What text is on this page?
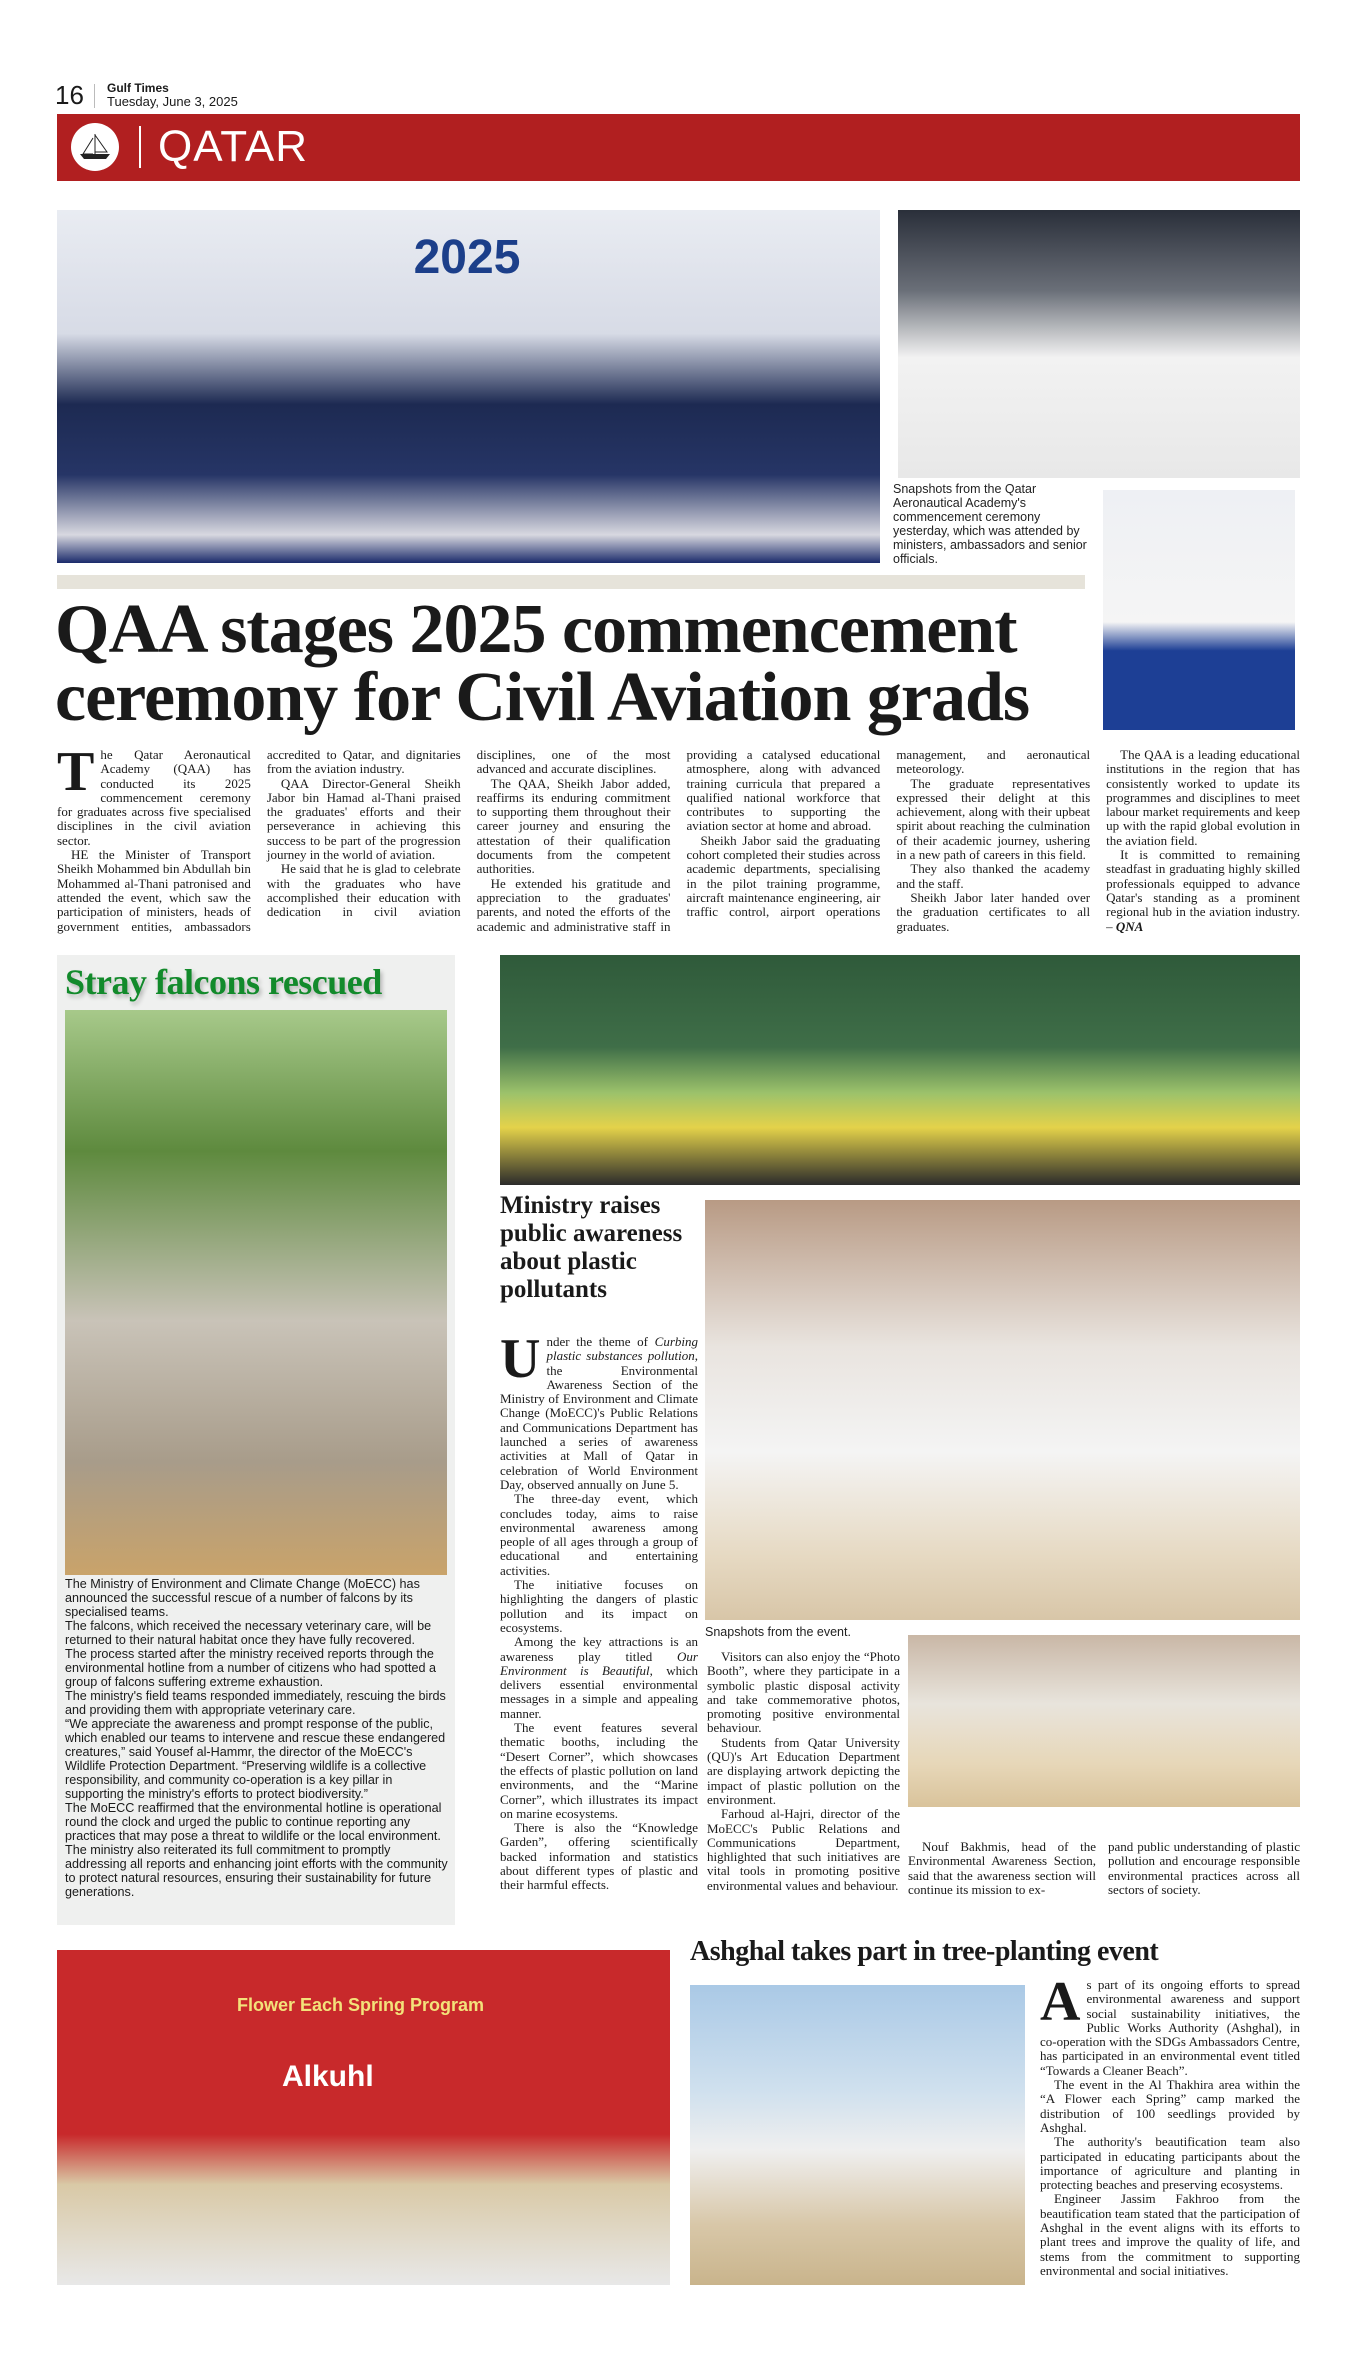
16 Gulf Times
Tuesday, June 3, 2025
QATAR
2025
Snapshots from the Qatar Aeronautical Academy's commencement ceremony yesterday, which was attended by ministers, ambassadors and senior officials.
QAA stages 2025 commencement ceremony for Civil Aviation grads

The Qatar Aeronautical Academy (QAA) has conducted its 2025 commencement ceremony for graduates across five specialised disciplines in the civil aviation sector.

HE the Minister of Transport Sheikh Mohammed bin Abdullah bin Mohammed al-Thani patronised and attended the event, which saw the participation of ministers, heads of government entities, ambassadors accredited to Qatar, and dignitaries from the aviation industry.

QAA Director-General Sheikh Jabor bin Hamad al-Thani praised the graduates' efforts and their perseverance in achieving this success to be part of the progression journey in the world of aviation.

He said that he is glad to celebrate with the graduates who have accomplished their education with dedication in civil aviation disciplines, one of the most advanced and accurate disciplines.

The QAA, Sheikh Jabor added, reaffirms its enduring commitment to supporting them throughout their career journey and ensuring the attestation of their qualification documents from the competent authorities.

He extended his gratitude and appreciation to the graduates' parents, and noted the efforts of the academic and administrative staff in providing a catalysed educational atmosphere, along with advanced training curricula that prepared a qualified national workforce that contributes to supporting the aviation sector at home and abroad.

Sheikh Jabor said the graduating cohort completed their studies across academic departments, specialising in the pilot training programme, aircraft maintenance engineering, air traffic control, airport operations management, and aeronautical meteorology.

The graduate representatives expressed their delight at this achievement, along with their upbeat spirit about reaching the culmination of their academic journey, ushering in a new path of careers in this field.

They also thanked the academy and the staff.

Sheikh Jabor later handed over the graduation certificates to all graduates.

The QAA is a leading educational institutions in the region that has consistently worked to update its programmes and disciplines to meet labour market requirements and keep up with the rapid global evolution in the aviation field.

It is committed to remaining steadfast in graduating highly skilled professionals equipped to advance Qatar's standing as a prominent regional hub in the aviation industry. – QNA

Stray falcons rescued

The Ministry of Environment and Climate Change (MoECC) has announced the successful rescue of a number of falcons by its specialised teams.

The falcons, which received the necessary veterinary care, will be returned to their natural habitat once they have fully recovered.

The process started after the ministry received reports through the environmental hotline from a number of citizens who had spotted a group of falcons suffering extreme exhaustion.

The ministry's field teams responded immediately, rescuing the birds and providing them with appropriate veterinary care.

“We appreciate the awareness and prompt response of the public, which enabled our teams to intervene and rescue these endangered creatures,” said Yousef al-Hammr, the director of the MoECC's Wildlife Protection Department. “Preserving wildlife is a collective responsibility, and community co-operation is a key pillar in supporting the ministry's efforts to protect biodiversity.”

The MoECC reaffirmed that the environmental hotline is operational round the clock and urged the public to continue reporting any practices that may pose a threat to wildlife or the local environment.

The ministry also reiterated its full commitment to promptly addressing all reports and enhancing joint efforts with the community to protect natural resources, ensuring their sustainability for future generations.

Ministry raises public awareness about plastic pollutants
Snapshots from the event.

Under the theme of Curbing plastic substances pollution, the Environmental Awareness Section of the Ministry of Environment and Climate Change (MoECC)'s Public Relations and Communications Department has launched a series of awareness activities at Mall of Qatar in celebration of World Environment Day, observed annually on June 5.

The three-day event, which concludes today, aims to raise environmental awareness among people of all ages through a group of educational and entertaining activities.

The initiative focuses on highlighting the dangers of plastic pollution and its impact on ecosystems.

Among the key attractions is an awareness play titled Our Environment is Beautiful, which delivers essential environmental messages in a simple and appealing manner.

The event features several thematic booths, including the “Desert Corner”, which showcases the effects of plastic pollution on land environments, and the “Marine Corner”, which illustrates its impact on marine ecosystems.

There is also the “Knowledge Garden”, offering scientifically backed information and statistics about different types of plastic and their harmful effects.

Visitors can also enjoy the “Photo Booth”, where they participate in a symbolic plastic disposal activity and take commemorative photos, promoting positive environmental behaviour.

Students from Qatar University (QU)'s Art Education Department are displaying artwork depicting the impact of plastic pollution on the environment.

Farhoud al-Hajri, director of the MoECC's Public Relations and Communications Department, highlighted that such initiatives are vital tools in promoting positive environmental values and behaviour.

Nouf Bakhmis, head of the Environmental Awareness Section, said that the awareness section will continue its mission to ex-

pand public understanding of plastic pollution and encourage responsible environmental practices across all sectors of society.

Flower Each Spring Program
Alkuhl
Ashghal takes part in tree-planting event

As part of its ongoing efforts to spread environmental awareness and support social sustainability initiatives, the Public Works Authority (Ashghal), in co-operation with the SDGs Ambassadors Centre, has participated in an environmental event titled “Towards a Cleaner Beach”.

The event in the Al Thakhira area within the “A Flower each Spring” camp marked the distribution of 100 seedlings provided by Ashghal.

The authority's beautification team also participated in educating participants about the importance of agriculture and planting in protecting beaches and preserving ecosystems.

Engineer Jassim Fakhroo from the beautification team stated that the participation of Ashghal in the event aligns with its efforts to plant trees and improve the quality of life, and stems from the commitment to supporting environmental and social initiatives.
